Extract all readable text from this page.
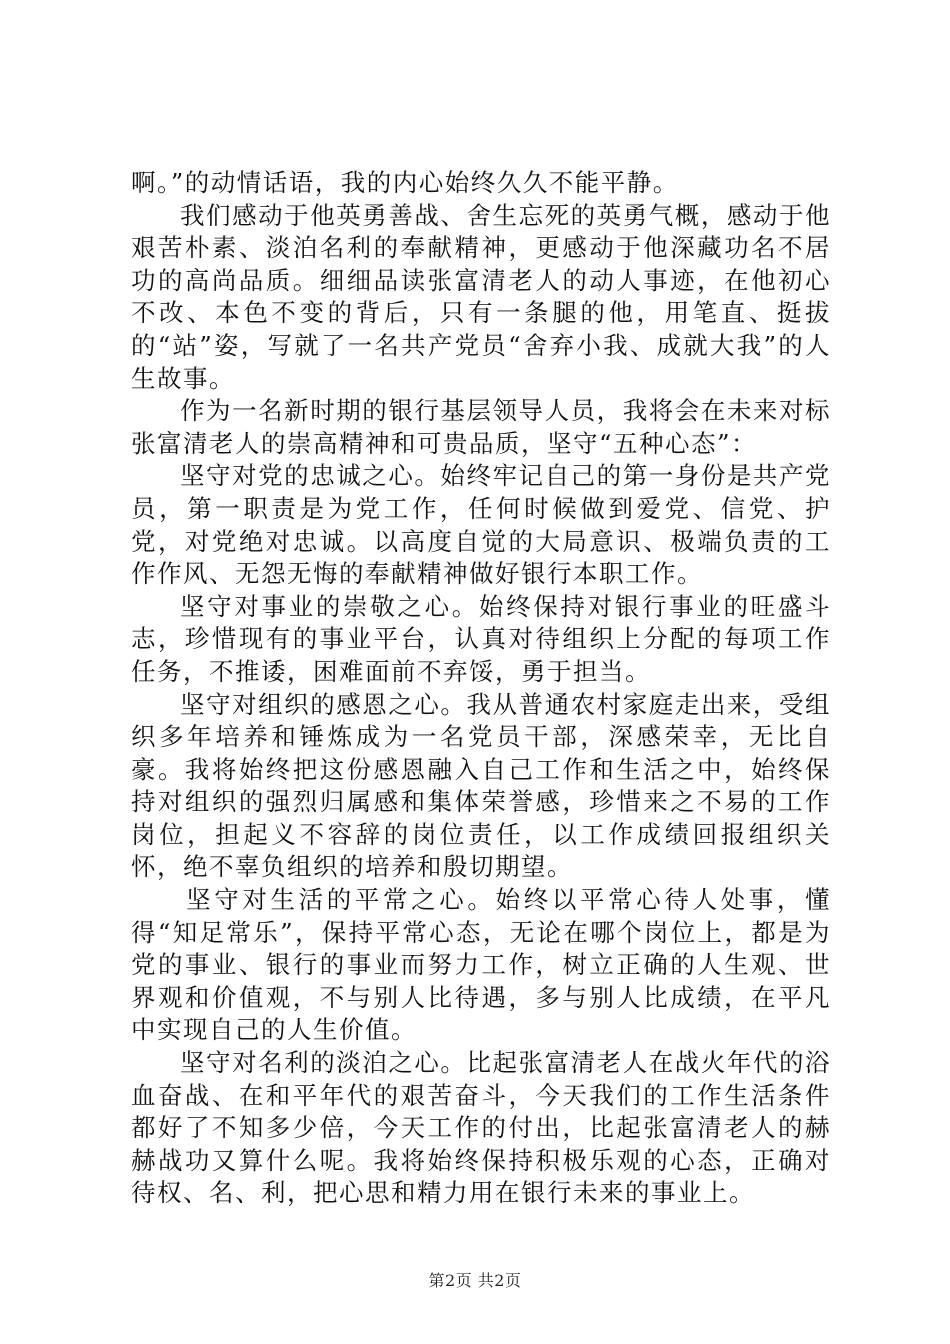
啊。”的动情话语，我的内心始终久久不能平静。

我们感动于他英勇善战、舍生忘死的英勇气概，感动于他艰苦朴素、淡泊名利的奉献精神，更感动于他深藏功名不居功的高尚品质。细细品读张富清老人的动人事迹，在他初心不改、本色不变的背后，只有一条腿的他，用笔直、挺拔的“站”姿，写就了一名共产党员“舍弃小我、成就大我”的人生故事。

作为一名新时期的银行基层领导人员，我将会在未来对标张富清老人的崇高精神和可贵品质，坚守“五种心态”：

坚守对党的忠诚之心。始终牢记自己的第一身份是共产党员，第一职责是为党工作，任何时候做到爱党、信党、护党，对党绝对忠诚。以高度自觉的大局意识、极端负责的工作作风、无怨无悔的奉献精神做好银行本职工作。

坚守对事业的崇敬之心。始终保持对银行事业的旺盛斗志，珍惜现有的事业平台，认真对待组织上分配的每项工作任务，不推诿，困难面前不弃馁，勇于担当。

坚守对组织的感恩之心。我从普通农村家庭走出来，受组织多年培养和锤炼成为一名党员干部，深感荣幸，无比自豪。我将始终把这份感恩融入自己工作和生活之中，始终保持对组织的强烈归属感和集体荣誉感，珍惜来之不易的工作岗位，担起义不容辞的岗位责任，以工作成绩回报组织关怀，绝不辜负组织的培养和殷切期望。

坚守对生活的平常之心。始终以平常心待人处事，懂得“知足常乐”，保持平常心态，无论在哪个岗位上，都是为党的事业、银行的事业而努力工作，树立正确的人生观、世界观和价值观，不与别人比待遇，多与别人比成绩，在平凡中实现自己的人生价值。

坚守对名利的淡泊之心。比起张富清老人在战火年代的浴血奋战、在和平年代的艰苦奋斗，今天我们的工作生活条件都好了不知多少倍，今天工作的付出，比起张富清老人的赫赫战功又算什么呢。我将始终保持积极乐观的心态，正确对待权、名、利，把心思和精力用在银行未来的事业上。

第2页 共2页
